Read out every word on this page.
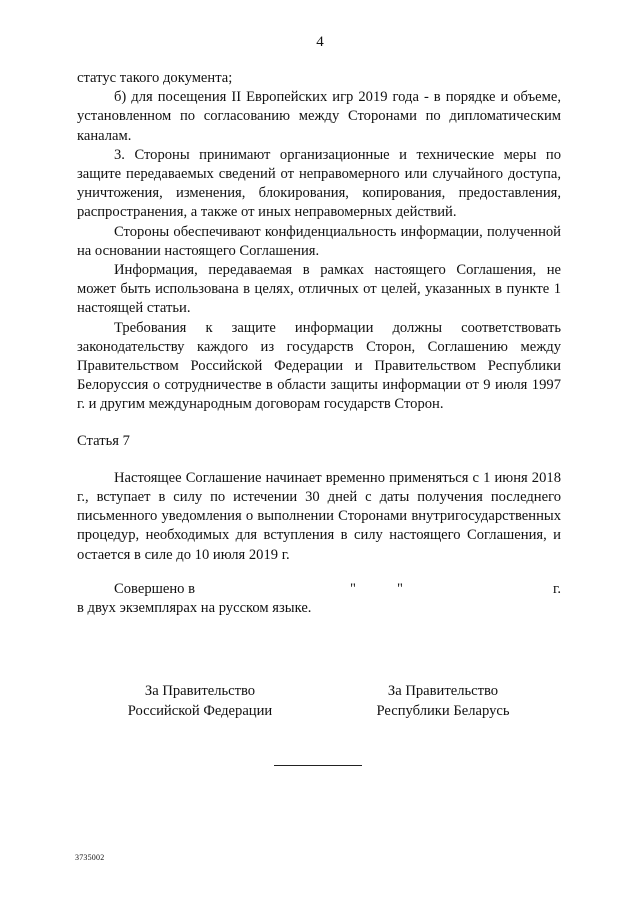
4

статус такого документа;

б) для посещения II Европейских игр 2019 года - в порядке и объеме, установленном по согласованию между Сторонами по дипломатическим каналам.

3. Стороны принимают организационные и технические меры по защите передаваемых сведений от неправомерного или случайного доступа, уничтожения, изменения, блокирования, копирования, предоставления, распространения, а также от иных неправомерных действий.

Стороны обеспечивают конфиденциальность информации, полученной на основании настоящего Соглашения.

Информация, передаваемая в рамках настоящего Соглашения, не может быть использована в целях, отличных от целей, указанных в пункте 1 настоящей статьи.

Требования к защите информации должны соответствовать законодательству каждого из государств Сторон, Соглашению между Правительством Российской Федерации и Правительством Республики Белоруссия о сотрудничестве в области защиты информации от 9 июля 1997 г. и другим международным договорам государств Сторон.

Статья 7

Настоящее Соглашение начинает временно применяться с 1 июня 2018 г., вступает в силу по истечении 30 дней с даты получения последнего письменного уведомления о выполнении Сторонами внутригосударственных процедур, необходимых для вступления в силу настоящего Соглашения, и остается в силе до 10 июля 2019 г.

Совершено в	"	"	г.

в двух экземплярах на русском языке.

За Правительство
Российской Федерации
За Правительство
Республики Беларусь
3735002
